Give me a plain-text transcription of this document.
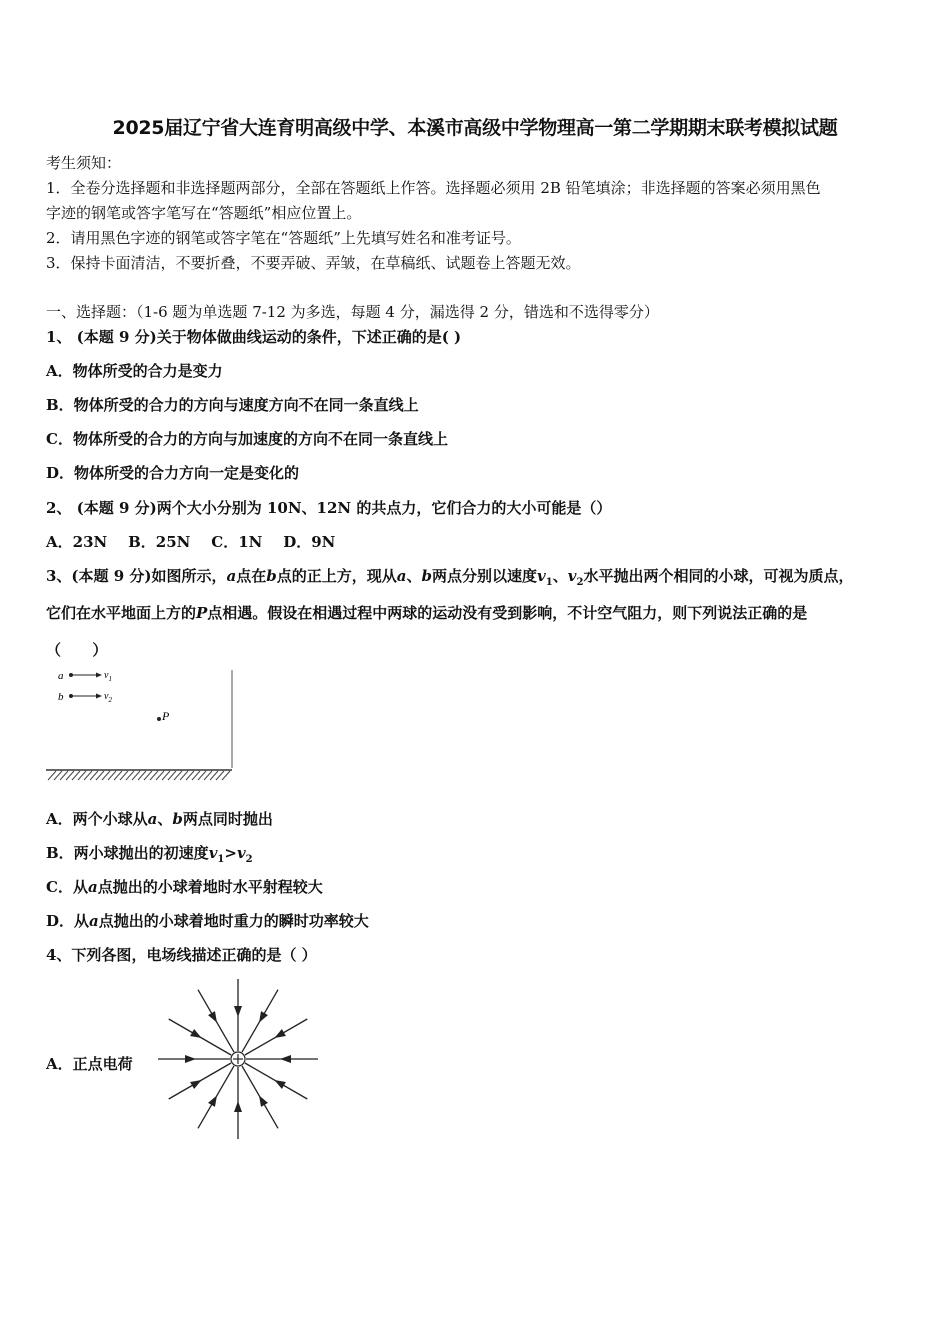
2025届辽宁省大连育明高级中学、本溪市高级中学物理高一第二学期期末联考模拟试题
考生须知：
1．全卷分选择题和非选择题两部分，全部在答题纸上作答。选择题必须用 2B 铅笔填涂；非选择题的答案必须用黑色
字迹的钢笔或答字笔写在“答题纸”相应位置上。
2．请用黑色字迹的钢笔或答字笔在“答题纸”上先填写姓名和准考证号。
3．保持卡面清洁，不要折叠，不要弄破、弄皱，在草稿纸、试题卷上答题无效。
一、选择题：（1-6 题为单选题 7-12 为多选，每题 4 分，漏选得 2 分，错选和不选得零分）
1、 (本题 9 分)关于物体做曲线运动的条件，下述正确的是( )
A．物体所受的合力是变力
B．物体所受的合力的方向与速度方向不在同一条直线上
C．物体所受的合力的方向与加速度的方向不在同一条直线上
D．物体所受的合力方向一定是变化的
2、 (本题 9 分)两个大小分别为 10N、12N 的共点力，它们合力的大小可能是（）
A．23N    B．25N    C．1N    D．9N
3、(本题 9 分)如图所示，a点在b点的正上方，现从a、b两点分别以速度$v_1$、$v_2$水平抛出两个相同的小球，可视为质点，
它们在水平地面上方的P点相遇。假设在相遇过程中两球的运动没有受到影响，不计空气阻力，则下列说法正确的是
（      ）
a	$v_1$
b	$v_2$
P
A．两个小球从a、b两点同时抛出
B．两小球抛出的初速度$v_1>v_2$
C．从a点抛出的小球着地时水平射程较大
D．从a点抛出的小球着地时重力的瞬时功率较大
4、下列各图，电场线描述正确的是（ ）
A．正点电荷
